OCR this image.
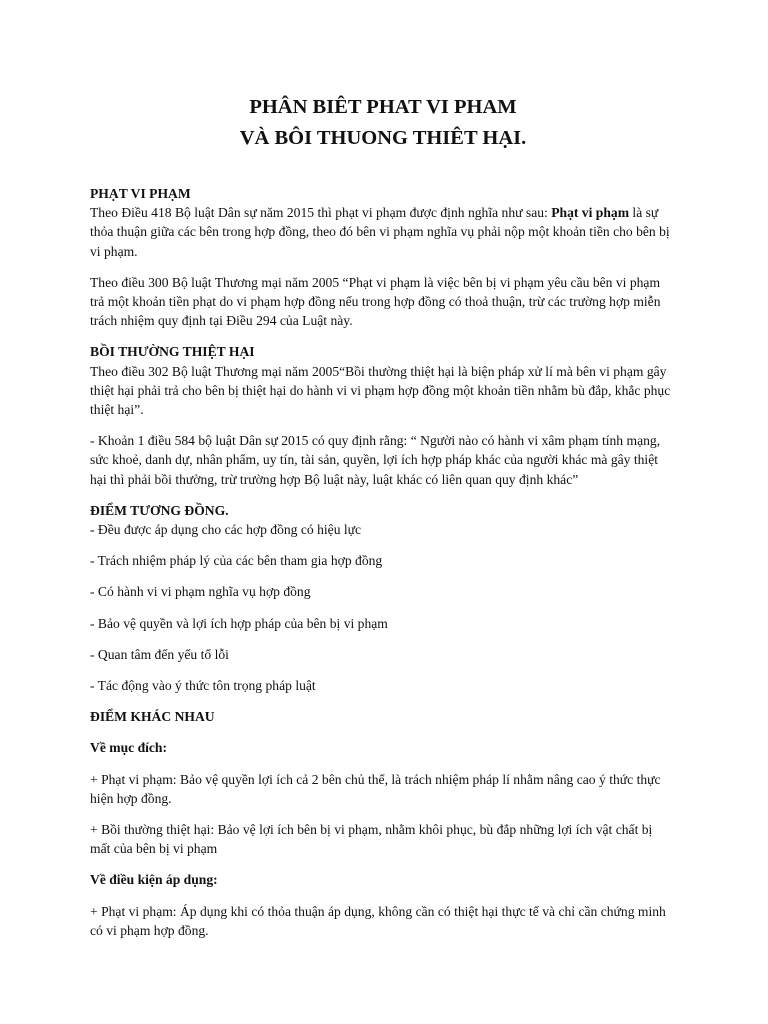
PHÂN BIÊT PHAT VI PHAM
VÀ BÔI THUONG THIÊT HẠI.
PHẠT VI PHẠM

Theo Điều 418 Bộ luật Dân sự năm 2015 thì phạt vi phạm được định nghĩa như sau: Phạt vi phạm là sự thỏa thuận giữa các bên trong hợp đồng, theo đó bên vi phạm nghĩa vụ phải nộp một khoản tiền cho bên bị vi phạm.

Theo điều 300 Bộ luật Thương mại năm 2005 “Phạt vi phạm là việc bên bị vi phạm yêu cầu bên vi phạm trả một khoản tiền phạt do vi phạm hợp đồng nếu trong hợp đồng có thoả thuận, trừ các trường hợp miễn trách nhiệm quy định tại Điều 294 của Luật này.

BỒI THƯỜNG THIỆT HẠI

Theo điều 302 Bộ luật Thương mại năm 2005“Bồi thường thiệt hại là biện pháp xử lí mà bên vi phạm gây thiệt hại phải trả cho bên bị thiệt hại do hành vi vi phạm hợp đồng một khoản tiền nhằm bù đắp, khắc phục thiệt hại”.

- Khoản 1 điều 584 bộ luật Dân sự 2015 có quy định rằng: “ Người nào có hành vi xâm phạm tính mạng, sức khoẻ, danh dự, nhân phẩm, uy tín, tài sản, quyền, lợi ích hợp pháp khác của người khác mà gây thiệt hại thì phải bồi thường, trừ trường hợp Bộ luật này, luật khác có liên quan quy định khác”

ĐIỂM TƯƠNG ĐỒNG.

- Đều được áp dụng cho các hợp đồng có hiệu lực

- Trách nhiệm pháp lý của các bên tham gia hợp đồng

- Có hành vi vi phạm nghĩa vụ hợp đồng

- Bảo vệ quyền và lợi ích hợp pháp của bên bị vi phạm

- Quan tâm đến yếu tố lỗi

- Tác động vào ý thức tôn trọng pháp luật

ĐIỂM KHÁC NHAU
Về mục đích:

+ Phạt vi phạm: Bảo vệ quyền lợi ích cả 2 bên chủ thể, là trách nhiệm pháp lí nhằm nâng cao ý thức thực hiện hợp đồng.

+ Bồi thường thiệt hại: Bảo vệ lợi ích bên bị vi phạm, nhằm khôi phục, bù đắp những lợi ích vật chất bị mất của bên bị vi phạm

Về điều kiện áp dụng:

+ Phạt vi phạm: Áp dụng khi có thỏa thuận áp dụng, không cần có thiệt hại thực tế và chỉ cần chứng minh có vi phạm hợp đồng.
